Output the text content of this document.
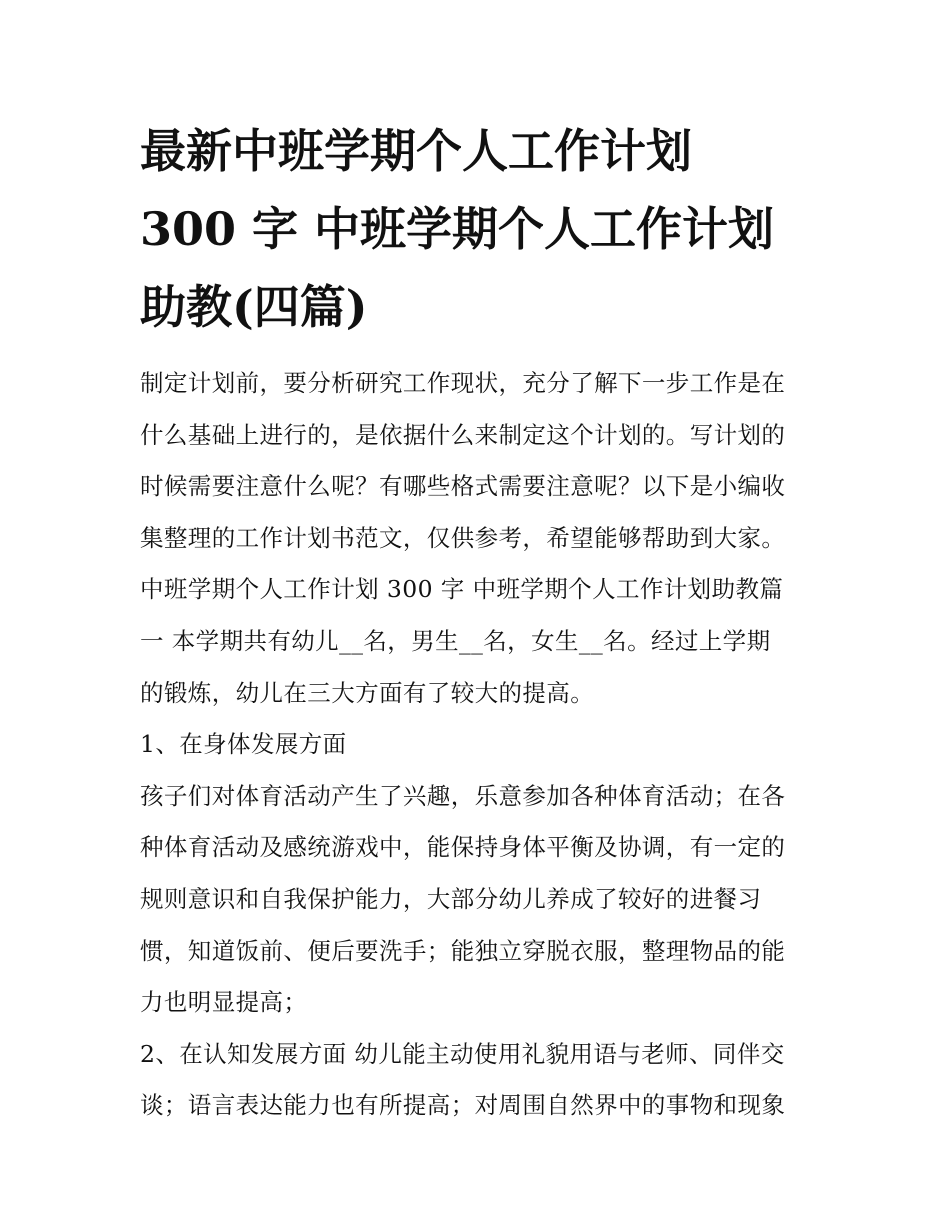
最新中班学期个人工作计划
300 字 中班学期个人工作计划
助教(四篇)

制定计划前，要分析研究工作现状，充分了解下一步工作是在
什么基础上进行的，是依据什么来制定这个计划的。写计划的
时候需要注意什么呢？有哪些格式需要注意呢？以下是小编收
集整理的工作计划书范文，仅供参考，希望能够帮助到大家。
中班学期个人工作计划 300 字 中班学期个人工作计划助教篇
一 本学期共有幼儿__名，男生__名，女生__名。经过上学期
的锻炼，幼儿在三大方面有了较大的提高。

1、在身体发展方面

孩子们对体育活动产生了兴趣，乐意参加各种体育活动；在各
种体育活动及感统游戏中，能保持身体平衡及协调，有一定的
规则意识和自我保护能力，大部分幼儿养成了较好的进餐习
惯，知道饭前、便后要洗手；能独立穿脱衣服，整理物品的能
力也明显提高；

2、在认知发展方面 幼儿能主动使用礼貌用语与老师、同伴交
谈；语言表达能力也有所提高；对周围自然界中的事物和现象
